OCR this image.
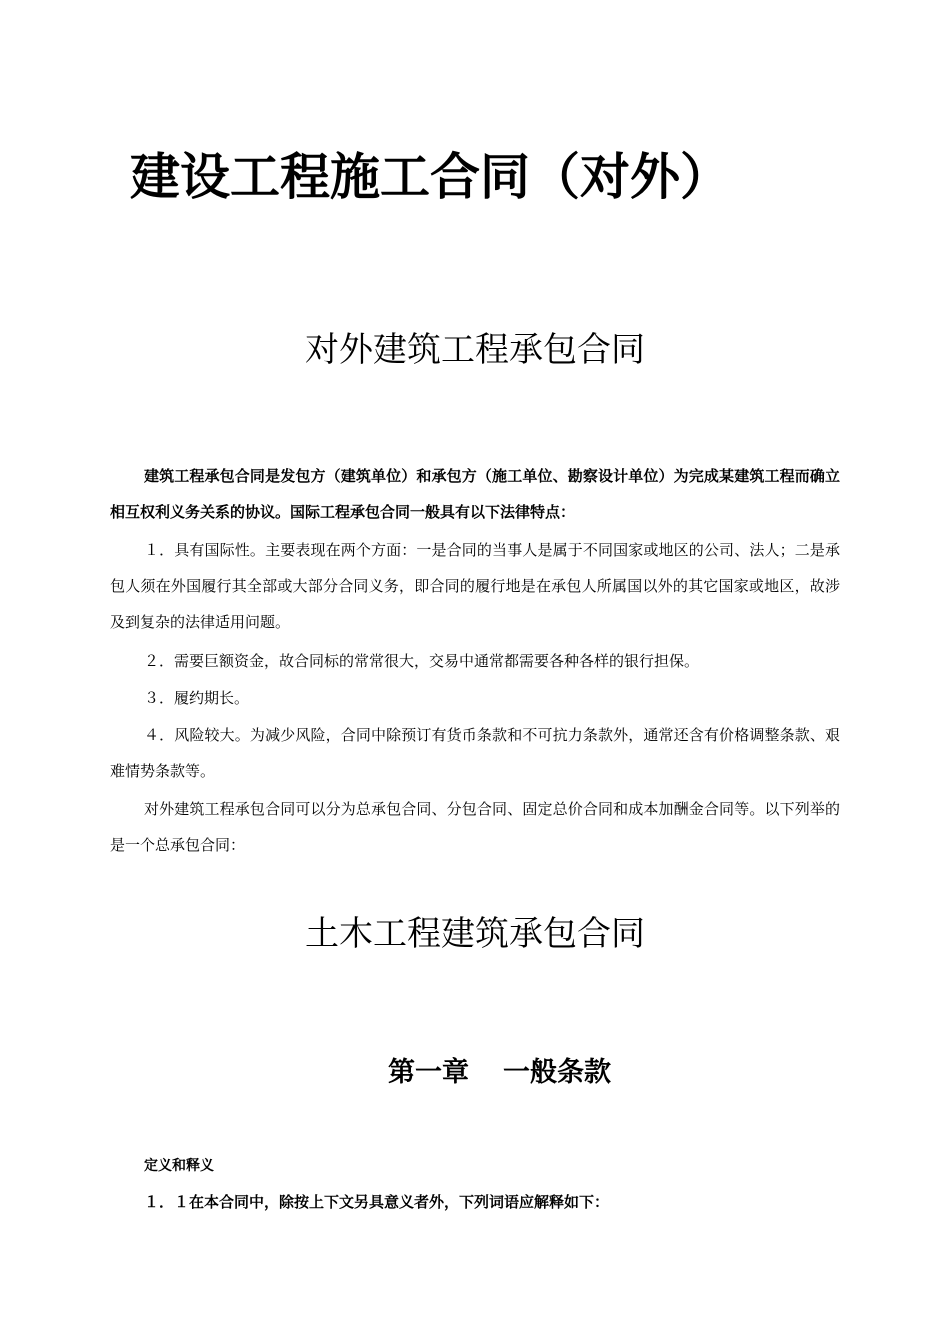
建设工程施工合同（对外）
对外建筑工程承包合同

建筑工程承包合同是发包方（建筑单位）和承包方（施工单位、勘察设计单位）为完成某建筑工程而确立相互权利义务关系的协议。国际工程承包合同一般具有以下法律特点：

１．具有国际性。主要表现在两个方面：一是合同的当事人是属于不同国家或地区的公司、法人；二是承包人须在外国履行其全部或大部分合同义务，即合同的履行地是在承包人所属国以外的其它国家或地区，故涉及到复杂的法律适用问题。

２．需要巨额资金，故合同标的常常很大，交易中通常都需要各种各样的银行担保。

３．履约期长。

４．风险较大。为减少风险，合同中除预订有货币条款和不可抗力条款外，通常还含有价格调整条款、艰难情势条款等。

对外建筑工程承包合同可以分为总承包合同、分包合同、固定总价合同和成本加酬金合同等。以下列举的是一个总承包合同：

土木工程建筑承包合同
第一章 一般条款

定义和释义

１．１在本合同中，除按上下文另具意义者外，下列词语应解释如下：
